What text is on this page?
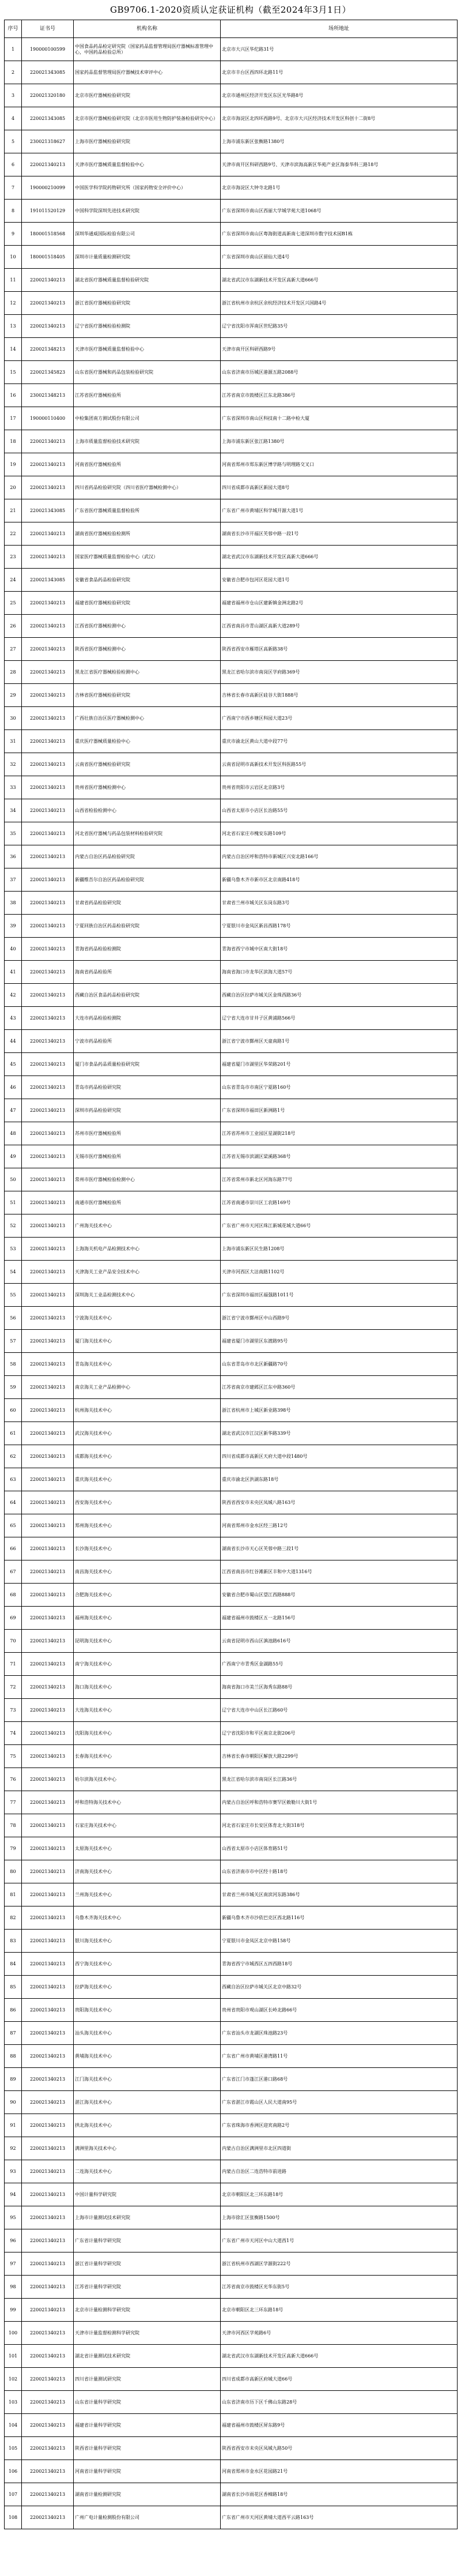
GB9706.1-2020资质认定获证机构（截至2024年3月1日）
序号	证书号	机构名称	场所地址
1	190000100599	中国食品药品检定研究院（国家药品监督管理局医疗器械标准管理中心，中国药品检验总所）	北京市大兴区华佗路31号
2	220021343085	国家药品监督管理局医疗器械技术审评中心	北京市丰台区西四环北路11号
3	220021320180	北京市医疗器械检验研究院	北京市通州区经济开发区东区光华路8号
4	220021343085	北京市医疗器械检验研究院（北京市医用生物防护装备检验研究中心）	北京市海淀区北四环西路9号、北京市大兴区经济技术开发区科创十二街8号
5	230021318627	上海市医疗器械检验研究院	上海市浦东新区张衡路1380号
6	220021340213	天津市医疗器械质量监督检验中心	天津市南开区科研西路9号、天津市滨海高新区华苑产业区海泰华科三路18号
7	190000210099	中国医学科学院药物研究所（国家药物安全评价中心）	北京市海淀区大钟寺北路1号
8	191011520129	中国科学院深圳先进技术研究院	广东省深圳市南山区西丽大学城学苑大道1068号
9	180001518568	深圳华通威国际检验有限公司	广东省深圳市南山区粤海街道高新南七道深圳市数字技术园B1栋
10	180001518405	深圳市计量质量检测研究院	广东省深圳市南山区留仙大道4号
11	220021340213	湖北省医疗器械质量监督检验研究院	湖北省武汉市东湖新技术开发区高新大道666号
12	220021340213	浙江省医疗器械检验研究院	浙江省杭州市余杭区余杭经济技术开发区兴国路4号
13	220021340213	辽宁省医疗器械检验检测院	辽宁省沈阳市浑南区世纪路35号
14	220021348213	天津市医疗器械质量监督检验中心	天津市南开区科研西路9号
15	220021345823	山东省医疗器械和药品包装检验研究院	山东省济南市历城区港源五路2088号
16	230021348213	江苏省医疗器械检验所	江苏省南京市鼓楼区江东北路386号
17	190000110400	中检集团南方测试股份有限公司	广东省深圳市南山区科技南十二路中检大厦
18	220021340213	上海市质量监督检验技术研究院	上海市浦东新区张江路1380号
19	220021340213	河南省医疗器械检验所	河南省郑州市郑东新区博学路与明理路交叉口
20	220021340213	四川省药品检验研究院（四川省医疗器械检测中心）	四川省成都市高新区新园大道8号
21	220021343085	广东省医疗器械质量监督检验所	广东省广州市黄埔区科学城开源大道1号
22	220021340213	湖南省医疗器械检验检测所	湖南省长沙市开福区芙蓉中路一段1号
23	220021340213	国家医疗器械质量监督检验中心（武汉）	湖北省武汉市东湖新技术开发区高新大道666号
24	220021343085	安徽省食品药品检验研究院	安徽省合肥市包河区花园大道1号
25	220021340213	福建省医疗器械检验研究院	福建省福州市仓山区建新镇金洲北路2号
26	220021340213	江西省医疗器械检测中心	江西省南昌市青山湖区高新大道289号
27	220021340213	陕西省医疗器械检测中心	陕西省西安市雁塔区高新路38号
28	220021340213	黑龙江省医疗器械检验检测中心	黑龙江省哈尔滨市南岗区学府路369号
29	220021340213	吉林省医疗器械检验研究院	吉林省长春市高新区硅谷大街1888号
30	220021340213	广西壮族自治区医疗器械检测中心	广西南宁市西乡塘区科园大道23号
31	220021340213	重庆医疗器械质量检验中心	重庆市渝北区黄山大道中段77号
32	220021340213	云南省医疗器械检验研究院	云南省昆明市高新技术开发区科医路55号
33	220021340213	贵州省医疗器械检测中心	贵州省贵阳市云岩区北京路3号
34	220021340213	山西省检验检测中心	山西省太原市小店区长治路55号
35	220021340213	河北省医疗器械与药品包装材料检验研究院	河北省石家庄市槐安东路109号
36	220021340213	内蒙古自治区药品检验研究院	内蒙古自治区呼和浩特市新城区兴安北路166号
37	220021340213	新疆维吾尔自治区药品检验研究院	新疆乌鲁木齐市新市区北京南路418号
38	220021340213	甘肃省药品检验研究院	甘肃省兰州市城关区东岗东路3号
39	220021340213	宁夏回族自治区药品检验研究院	宁夏银川市金凤区新昌西路178号
40	220021340213	青海省药品检验检测院	青海省西宁市城中区南大街18号
41	220021340213	海南省药品检验所	海南省海口市龙华区滨海大道57号
42	220021340213	西藏自治区食品药品检验研究院	西藏自治区拉萨市城关区金珠西路36号
43	220021340213	大连市药品检验检测院	辽宁省大连市甘井子区黄浦路566号
44	220021340213	宁波市药品检验所	浙江省宁波市鄞州区天童南路1号
45	220021340213	厦门市食品药品质量检验研究院	福建省厦门市湖里区华荣路201号
46	220021340213	青岛市药品检验研究院	山东省青岛市市南区宁夏路160号
47	220021340213	深圳市药品检验研究院	广东省深圳市福田区新洲路1号
48	220021340213	苏州市医疗器械检验所	江苏省苏州市工业园区星湖街218号
49	220021340213	无锡市医疗器械检验所	江苏省无锡市滨湖区梁溪路368号
50	220021340213	常州市医疗器械检验检测中心	江苏省常州市新北区河海东路77号
51	220021340213	南通市医疗器械检验所	江苏省南通市崇川区工农路169号
52	220021340213	广州海关技术中心	广东省广州市天河区珠江新城花城大道66号
53	220021340213	上海海关机电产品检测技术中心	上海市浦东新区民生路1208号
54	220021340213	天津海关工业产品安全技术中心	天津市河西区大沽南路1102号
55	220021340213	深圳海关工业品检测技术中心	广东省深圳市福田区福强路1011号
56	220021340213	宁波海关技术中心	浙江省宁波市鄞州区中山西路9号
57	220021340213	厦门海关技术中心	福建省厦门市湖里区东渡路95号
58	220021340213	青岛海关技术中心	山东省青岛市市北区新疆路70号
59	220021340213	南京海关工业产品检测中心	江苏省南京市建邺区江东中路360号
60	220021340213	杭州海关技术中心	浙江省杭州市上城区新业路398号
61	220021340213	武汉海关技术中心	湖北省武汉市江汉区新华路339号
62	220021340213	成都海关技术中心	四川省成都市高新区天府大道中段1480号
63	220021340213	重庆海关技术中心	重庆市渝北区洪湖东路18号
64	220021340213	西安海关技术中心	陕西省西安市未央区凤城八路163号
65	220021340213	郑州海关技术中心	河南省郑州市金水区经三路12号
66	220021340213	长沙海关技术中心	湖南省长沙市天心区芙蓉中路三段1号
67	220021340213	南昌海关技术中心	江西省南昌市红谷滩新区丰和中大道1316号
68	220021340213	合肥海关技术中心	安徽省合肥市蜀山区望江西路888号
69	220021340213	福州海关技术中心	福建省福州市鼓楼区五一北路156号
70	220021340213	昆明海关技术中心	云南省昆明市西山区滇池路616号
71	220021340213	南宁海关技术中心	广西南宁市青秀区金湖路55号
72	220021340213	海口海关技术中心	海南省海口市美兰区海秀东路88号
73	220021340213	大连海关技术中心	辽宁省大连市中山区长江路60号
74	220021340213	沈阳海关技术中心	辽宁省沈阳市和平区南京北街206号
75	220021340213	长春海关技术中心	吉林省长春市朝阳区解放大路2299号
76	220021340213	哈尔滨海关技术中心	黑龙江省哈尔滨市南岗区长江路36号
77	220021340213	呼和浩特海关技术中心	内蒙古自治区呼和浩特市赛罕区敕勒川大街1号
78	220021340213	石家庄海关技术中心	河北省石家庄市长安区体育北大街318号
79	220021340213	太原海关技术中心	山西省太原市小店区体育路51号
80	220021340213	济南海关技术中心	山东省济南市市中区经十路18号
81	220021340213	兰州海关技术中心	甘肃省兰州市城关区南滨河东路386号
82	220021340213	乌鲁木齐海关技术中心	新疆乌鲁木齐市沙依巴克区西北路116号
83	220021340213	银川海关技术中心	宁夏银川市金凤区北京中路158号
84	220021340213	西宁海关技术中心	青海省西宁市城西区五四西路18号
85	220021340213	拉萨海关技术中心	西藏自治区拉萨市城关区北京中路32号
86	220021340213	贵阳海关技术中心	贵州省贵阳市观山湖区长岭北路66号
87	220021340213	汕头海关技术中心	广东省汕头市龙湖区珠池路23号
88	220021340213	黄埔海关技术中心	广东省广州市黄埔区港湾路11号
89	220021340213	江门海关技术中心	广东省江门市蓬江区港口路68号
90	220021340213	湛江海关技术中心	广东省湛江市霞山区人民大道南95号
91	220021340213	拱北海关技术中心	广东省珠海市香洲区迎宾南路2号
92	220021340213	满洲里海关技术中心	内蒙古自治区满洲里市北区四道街
93	220021340213	二连海关技术中心	内蒙古自治区二连浩特市前进路
94	220021340213	中国计量科学研究院	北京市朝阳区北三环东路18号
95	220021340213	上海市计量测试技术研究院	上海市徐汇区张衡路1500号
96	220021340213	广东省计量科学研究院	广东省广州市天河区中山大道西1号
97	220021340213	浙江省计量科学研究院	浙江省杭州市西湖区学源街222号
98	220021340213	江苏省计量科学研究院	江苏省南京市鼓楼区光华东街5号
99	220021340213	北京市计量检测科学研究院	北京市朝阳区北三环东路18号
100	220021340213	天津市计量监督检测科学研究院	天津市河西区学苑路6号
101	220021340213	湖北省计量测试技术研究院	湖北省武汉市东湖新技术开发区高新大道666号
102	220021340213	四川省计量测试研究院	四川省成都市高新区府城大道66号
103	220021340213	山东省计量科学研究院	山东省济南市历下区千佛山东路28号
104	220021340213	福建省计量科学研究院	福建省福州市鼓楼区屏东路9号
105	220021340213	陕西省计量科学研究院	陕西省西安市未央区凤城九路50号
106	220021340213	河南省计量科学研究院	河南省郑州市金水区花园路21号
107	220021340213	湖南省计量检测研究院	湖南省长沙市雨花区香樟路18号
108	220021340213	广州广电计量检测股份有限公司	广东省广州市天河区黄埔大道西平云路163号
